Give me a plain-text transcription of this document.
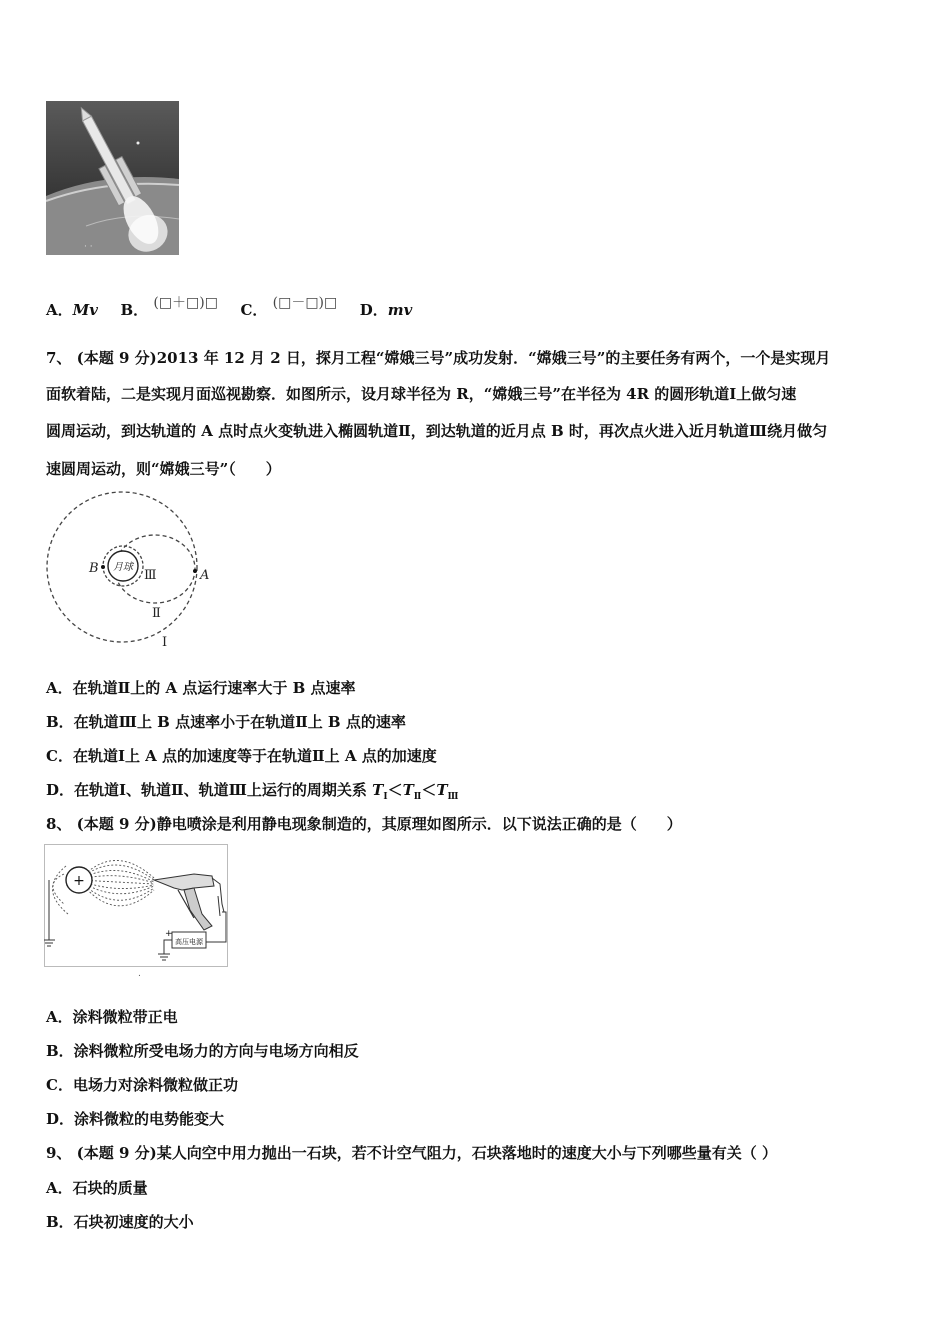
· ·
A．Mv B． (□＋□)□ C． (□－□)□ D．mv
7、 (本题 9 分)2013 年 12 月 2 日，探月工程“嫦娥三号”成功发射．“嫦娥三号”的主要任务有两个，一个是实现月
面软着陆，二是实现月面巡视勘察．如图所示，设月球半径为 R，“嫦娥三号”在半径为 4R 的圆形轨道Ⅰ上做匀速
圆周运动，到达轨道的 A 点时点火变轨进入椭圆轨道Ⅱ，到达轨道的近月点 B 时，再次点火进入近月轨道Ⅲ绕月做匀
速圆周运动，则“嫦娥三号”（　　）
月球
B	A
Ⅲ
Ⅱ
Ⅰ
A．在轨道Ⅱ上的 A 点运行速率大于 B 点速率
B．在轨道Ⅲ上 B 点速率小于在轨道Ⅱ上 B 点的速率
C．在轨道Ⅰ上 A 点的加速度等于在轨道Ⅱ上 A 点的加速度
D．在轨道Ⅰ、轨道Ⅱ、轨道Ⅲ上运行的周期关系 $T_Ⅰ<T_Ⅱ<T_Ⅲ$
8、 (本题 9 分)静电喷涂是利用静电现象制造的，其原理如图所示．以下说法正确的是（　　）
+
高压电源
+
.
A．涂料微粒带正电
B．涂料微粒所受电场力的方向与电场方向相反
C．电场力对涂料微粒做正功
D．涂料微粒的电势能变大
9、 (本题 9 分)某人向空中用力抛出一石块，若不计空气阻力，石块落地时的速度大小与下列哪些量有关（ ）
A．石块的质量
B．石块初速度的大小
